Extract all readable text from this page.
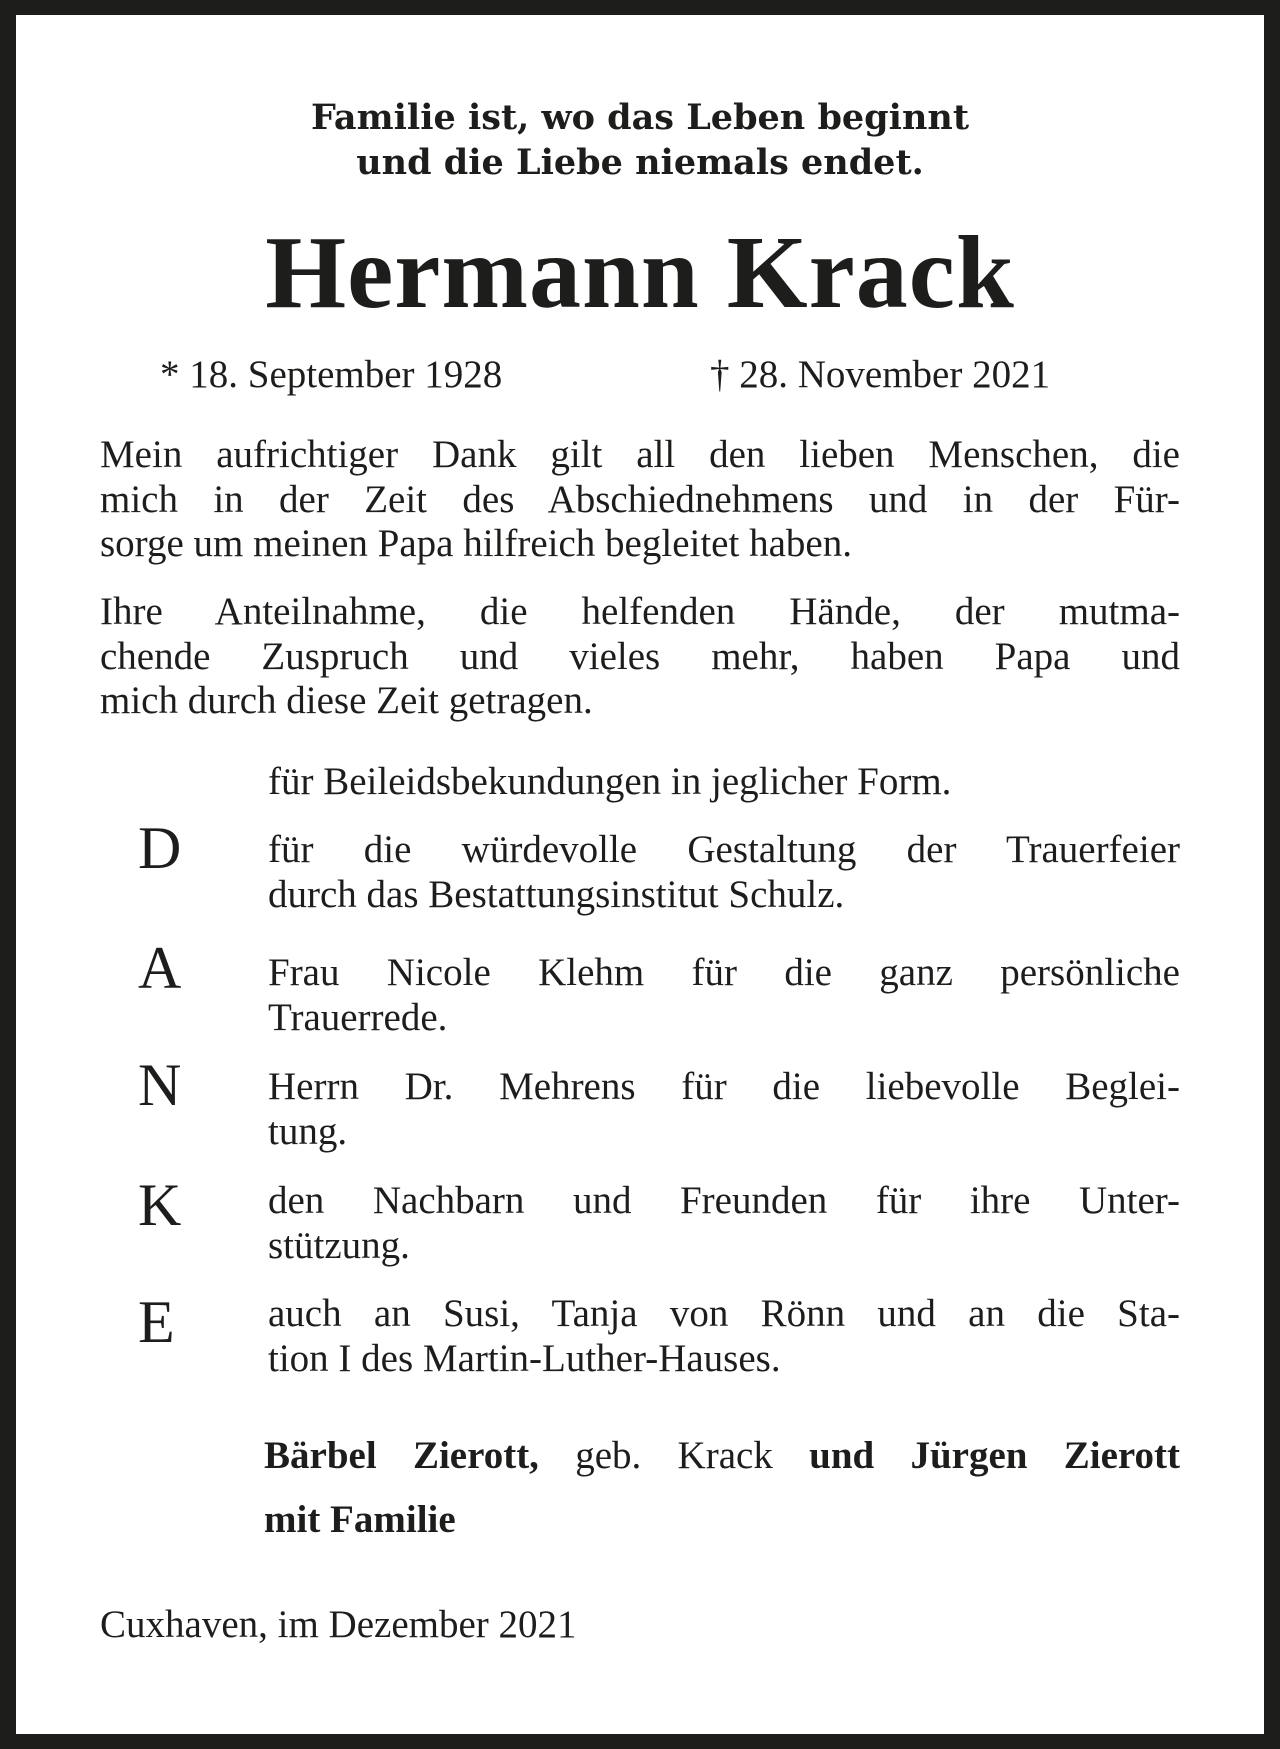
Familie ist, wo das Leben beginnt
und die Liebe niemals endet.
Hermann Krack
* 18. September 1928	† 28. November 2021
Mein aufrichtiger Dank gilt all den lieben Menschen, die
mich in der Zeit des Abschiednehmens und in der Für-
sorge um meinen Papa hilfreich begleitet haben.
Ihre Anteilnahme, die helfenden Hände, der mutma-
chende Zuspruch und vieles mehr, haben Papa und
mich durch diese Zeit getragen.
D
A
N
K
E
für Beileidsbekundungen in jeglicher Form.
für die würdevolle Gestaltung der Trauerfeier
durch das Bestattungsinstitut Schulz.
Frau Nicole Klehm für die ganz persönliche
Trauerrede.
Herrn Dr. Mehrens für die liebevolle Beglei-
tung.
den Nachbarn und Freunden für ihre Unter-
stützung.
auch an Susi, Tanja von Rönn und an die Sta-
tion I des Martin-Luther-Hauses.
Bärbel Zierott, geb. Krack und Jürgen Zierott
mit Familie
Cuxhaven, im Dezember 2021
